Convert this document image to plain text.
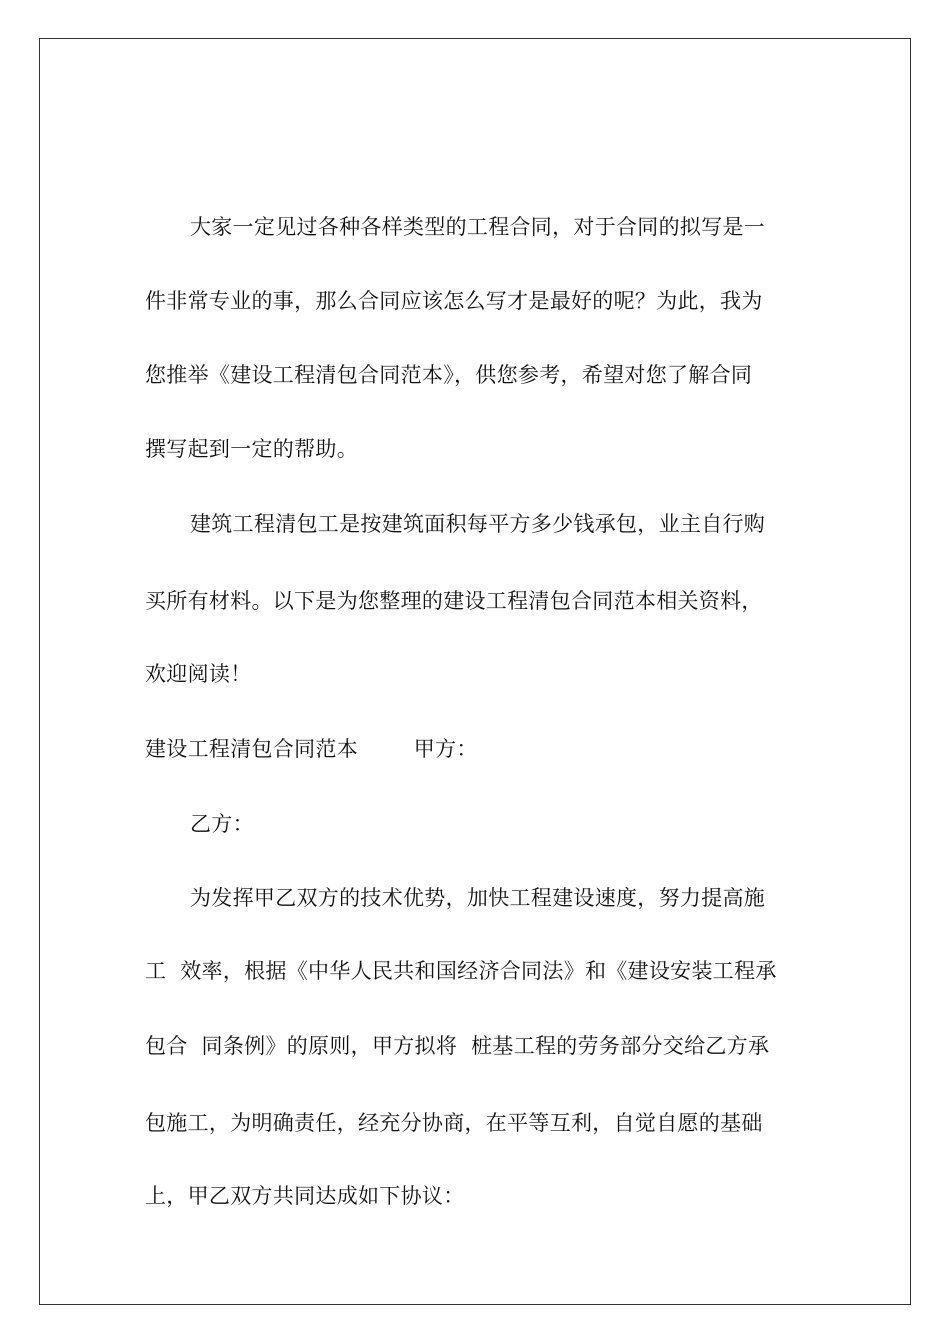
大家一定见过各种各样类型的工程合同，对于合同的拟写是一
件非常专业的事，那么合同应该怎么写才是最好的呢？为此，我为
您推举《建设工程清包合同范本》，供您参考，希望对您了解合同
撰写起到一定的帮助。
建筑工程清包工是按建筑面积每平方多少钱承包，业主自行购
买所有材料。以下是为您整理的建设工程清包合同范本相关资料，
欢迎阅读！
建设工程清包合同范本        甲方：
乙方：
为发挥甲乙双方的技术优势，加快工程建设速度，努力提高施
工  效率，根据《中华人民共和国经济合同法》和《建设安装工程承
包合  同条例》的原则，甲方拟将  桩基工程的劳务部分交给乙方承
包施工，为明确责任，经充分协商，在平等互利，自觉自愿的基础
上，甲乙双方共同达成如下协议：
